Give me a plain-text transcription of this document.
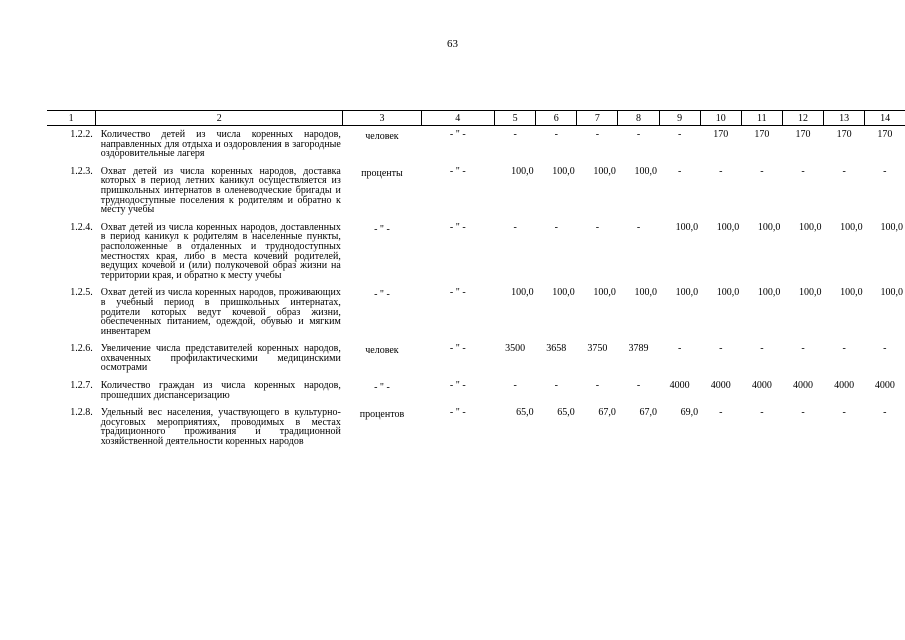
63
1	2	3	4	5	6	7	8	9	10	11	12	13	14
1.2.2.	Количество детей из числа коренных народов, направленных для отдыха и оздоровления в загородные оздоровительные лагеря	человек	- " -	-	-	-	-	-	170	170	170	170	170
1.2.3.	Охват детей из числа коренных народов, доставка которых в период летних каникул осуществляется из пришкольных интернатов в оленеводческие бригады и труднодоступные поселения к родителям и обратно к месту учебы	проценты	- " -	100,0	100,0	100,0	100,0	-	-	-	-	-	-
1.2.4.	Охват детей из числа коренных народов, доставленных в период каникул к родителям в населенные пункты, расположенные в отдаленных и труднодоступных местностях края, либо в места кочевий родителей, ведущих кочевой и (или) полукочевой образ жизни на территории края, и обратно к месту учебы	- " -	- " -	-	-	-	-	100,0	100,0	100,0	100,0	100,0	100,0
1.2.5.	Охват детей из числа коренных народов, проживающих в учебный период в пришкольных интернатах, родители которых ведут кочевой образ жизни, обеспеченных питанием, одеждой, обувью и мягким инвентарем	- " -	- " -	100,0	100,0	100,0	100,0	100,0	100,0	100,0	100,0	100,0	100,0
1.2.6.	Увеличение числа представителей коренных народов, охваченных профилактическими медицинскими осмотрами	человек	- " -	3500	3658	3750	3789	-	-	-	-	-	-
1.2.7.	Количество граждан из числа коренных народов, прошедших диспансеризацию	- " -	- " -	-	-	-	-	4000	4000	4000	4000	4000	4000
1.2.8.	Удельный вес населения, участвующего в культурно-досуговых мероприятиях, проводимых в местах традиционного проживания и традиционной хозяйственной деятельности коренных народов	процентов	- " -	65,0	65,0	67,0	67,0	69,0	-	-	-	-	-
